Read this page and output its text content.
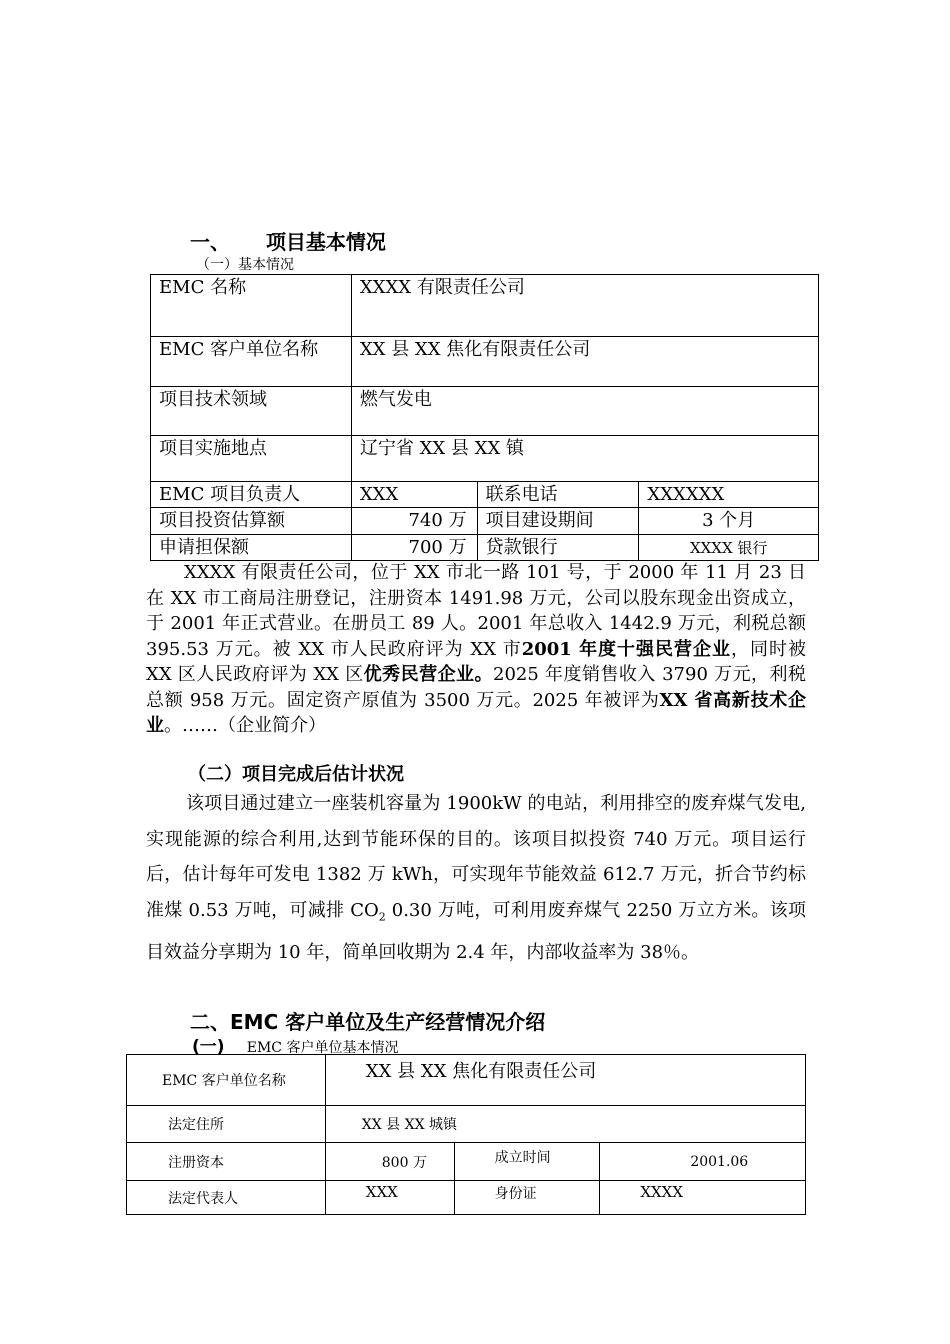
一、 项目基本情况
（一）基本情况
EMC 名称	XXXX 有限责任公司		
EMC 客户单位名称	XX 县 XX 焦化有限责任公司		
项目技术领域	燃气发电		
项目实施地点	辽宁省 XX 县 XX 镇		
EMC 项目负责人	XXX	联系电话	XXXXXX
项目投资估算额	740 万	项目建设期间	3 个月
申请担保额	700 万	贷款银行	XXXX 银行
XXXX 有限责任公司，位于 XX 市北一路 101 号，于 2000 年 11 月 23 日在 XX 市工商局注册登记，注册资本 1491.98 万元，公司以股东现金出资成立，于 2001 年正式营业。在册员工 89 人。2001 年总收入 1442.9 万元，利税总额 395.53 万元。被 XX 市人民政府评为 XX 市2001 年度十强民营企业，同时被 XX 区人民政府评为 XX 区优秀民营企业。2025 年度销售收入 3790 万元，利税总额 958 万元。固定资产原值为 3500 万元。2025 年被评为XX 省高新技术企业。……（企业简介）
（二）项目完成后估计状况
该项目通过建立一座装机容量为 1900kW 的电站，利用排空的废弃煤气发电,实现能源的综合利用,达到节能环保的目的。该项目拟投资 740 万元。项目运行后，估计每年可发电 1382 万 kWh，可实现年节能效益 612.7 万元，折合节约标准煤 0.53 万吨，可减排 $CO_2$ 0.30 万吨，可利用废弃煤气 2250 万立方米。该项目效益分享期为 10 年，简单回收期为 2.4 年，内部收益率为 38％。
二、EMC 客户单位及生产经营情况介绍
(一) EMC 客户单位基本情况
EMC 客户单位名称	XX 县 XX 焦化有限责任公司		
法定住所	XX 县 XX 城镇		
注册资本	800 万	成立时间	2001.06
法定代表人	XXX	身份证	XXXX
